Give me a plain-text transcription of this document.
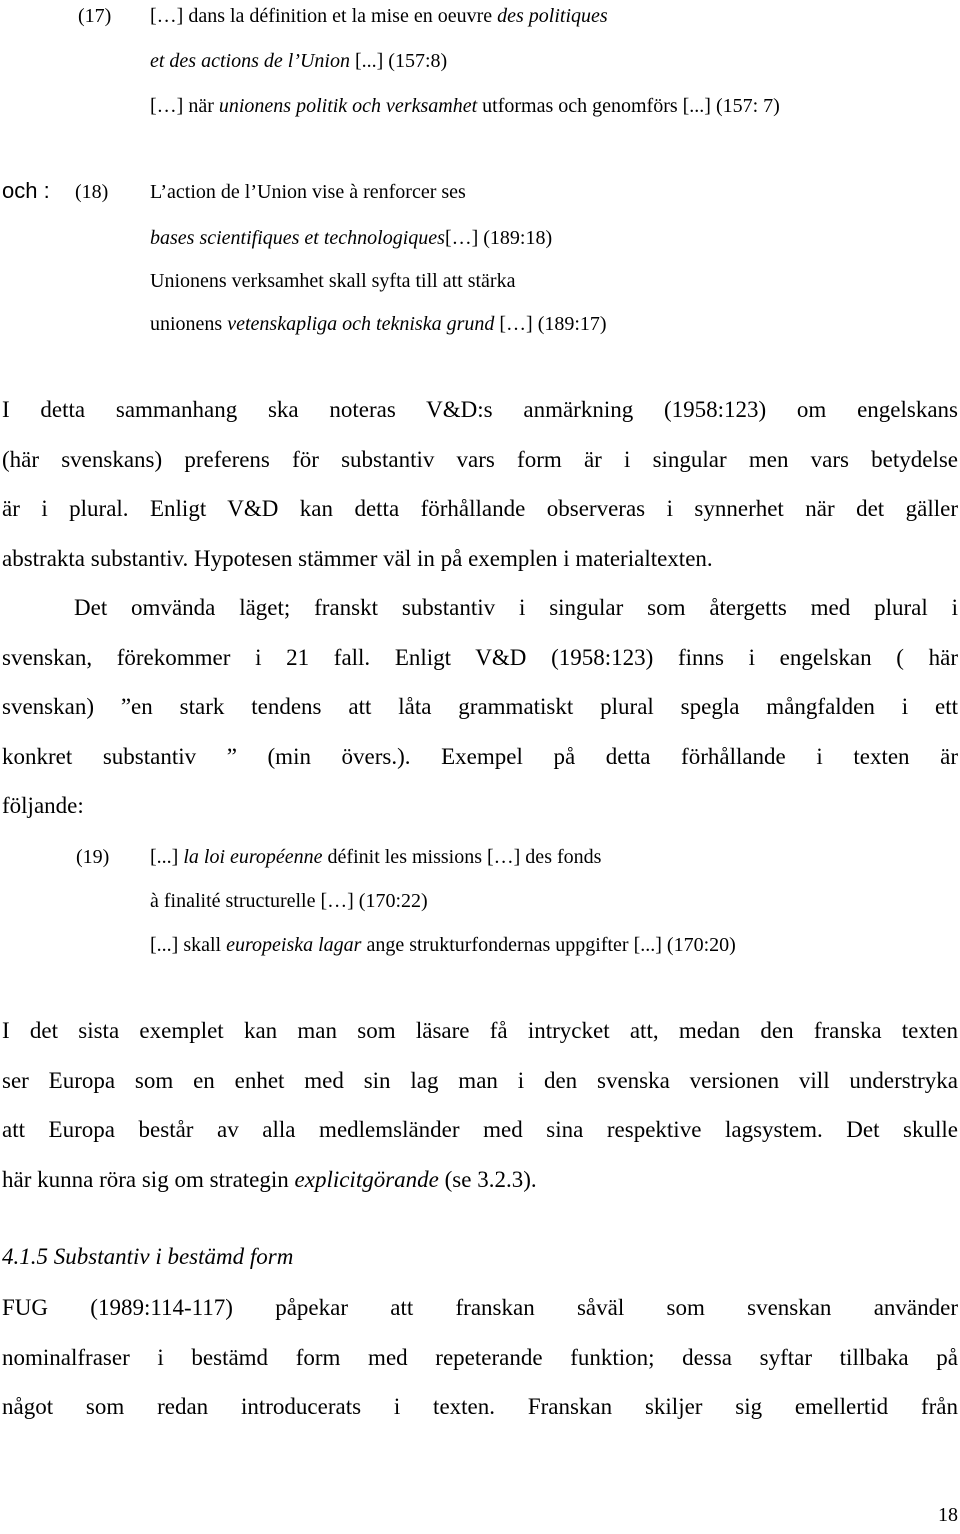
(17) […] dans la définition et la mise en oeuvre des politiques
et des actions de l’Union [...] (157:8)
[…] när unionens politik och verksamhet utformas och genomförs [...] (157: 7)
och : (18) L’action de l’Union vise à renforcer ses
bases scientifiques et technologiques[…] (189:18)
Unionens verksamhet skall syfta till att stärka
unionens vetenskapliga och tekniska grund […] (189:17)
I detta sammanhang ska noteras V&D:s anmärkning (1958:123) om engelskans
(här svenskans) preferens för substantiv vars form är i singular men vars betydelse
är i plural. Enligt V&D kan detta förhållande observeras i synnerhet när det gäller
abstrakta substantiv. Hypotesen stämmer väl in på exemplen i materialtexten.
Det omvända läget; franskt substantiv i singular som återgetts med plural i
svenskan, förekommer i 21 fall. Enligt V&D (1958:123) finns i engelskan ( här
svenskan) ”en stark tendens att låta grammatiskt plural spegla mångfalden i ett
konkret substantiv ” (min övers.). Exempel på detta förhållande i texten är
följande:
(19) [...] la loi européenne définit les missions […] des fonds
à finalité structurelle […] (170:22)
[...] skall europeiska lagar ange strukturfondernas uppgifter [...] (170:20)
I det sista exemplet kan man som läsare få intrycket att, medan den franska texten
ser Europa som en enhet med sin lag man i den svenska versionen vill understryka
att Europa består av alla medlemsländer med sina respektive lagsystem. Det skulle
här kunna röra sig om strategin explicitgörande (se 3.2.3).
4.1.5 Substantiv i bestämd form
FUG (1989:114-117) påpekar att franskan såväl som svenskan använder
nominalfraser i bestämd form med repeterande funktion; dessa syftar tillbaka på
något som redan introducerats i texten. Franskan skiljer sig emellertid från
18
